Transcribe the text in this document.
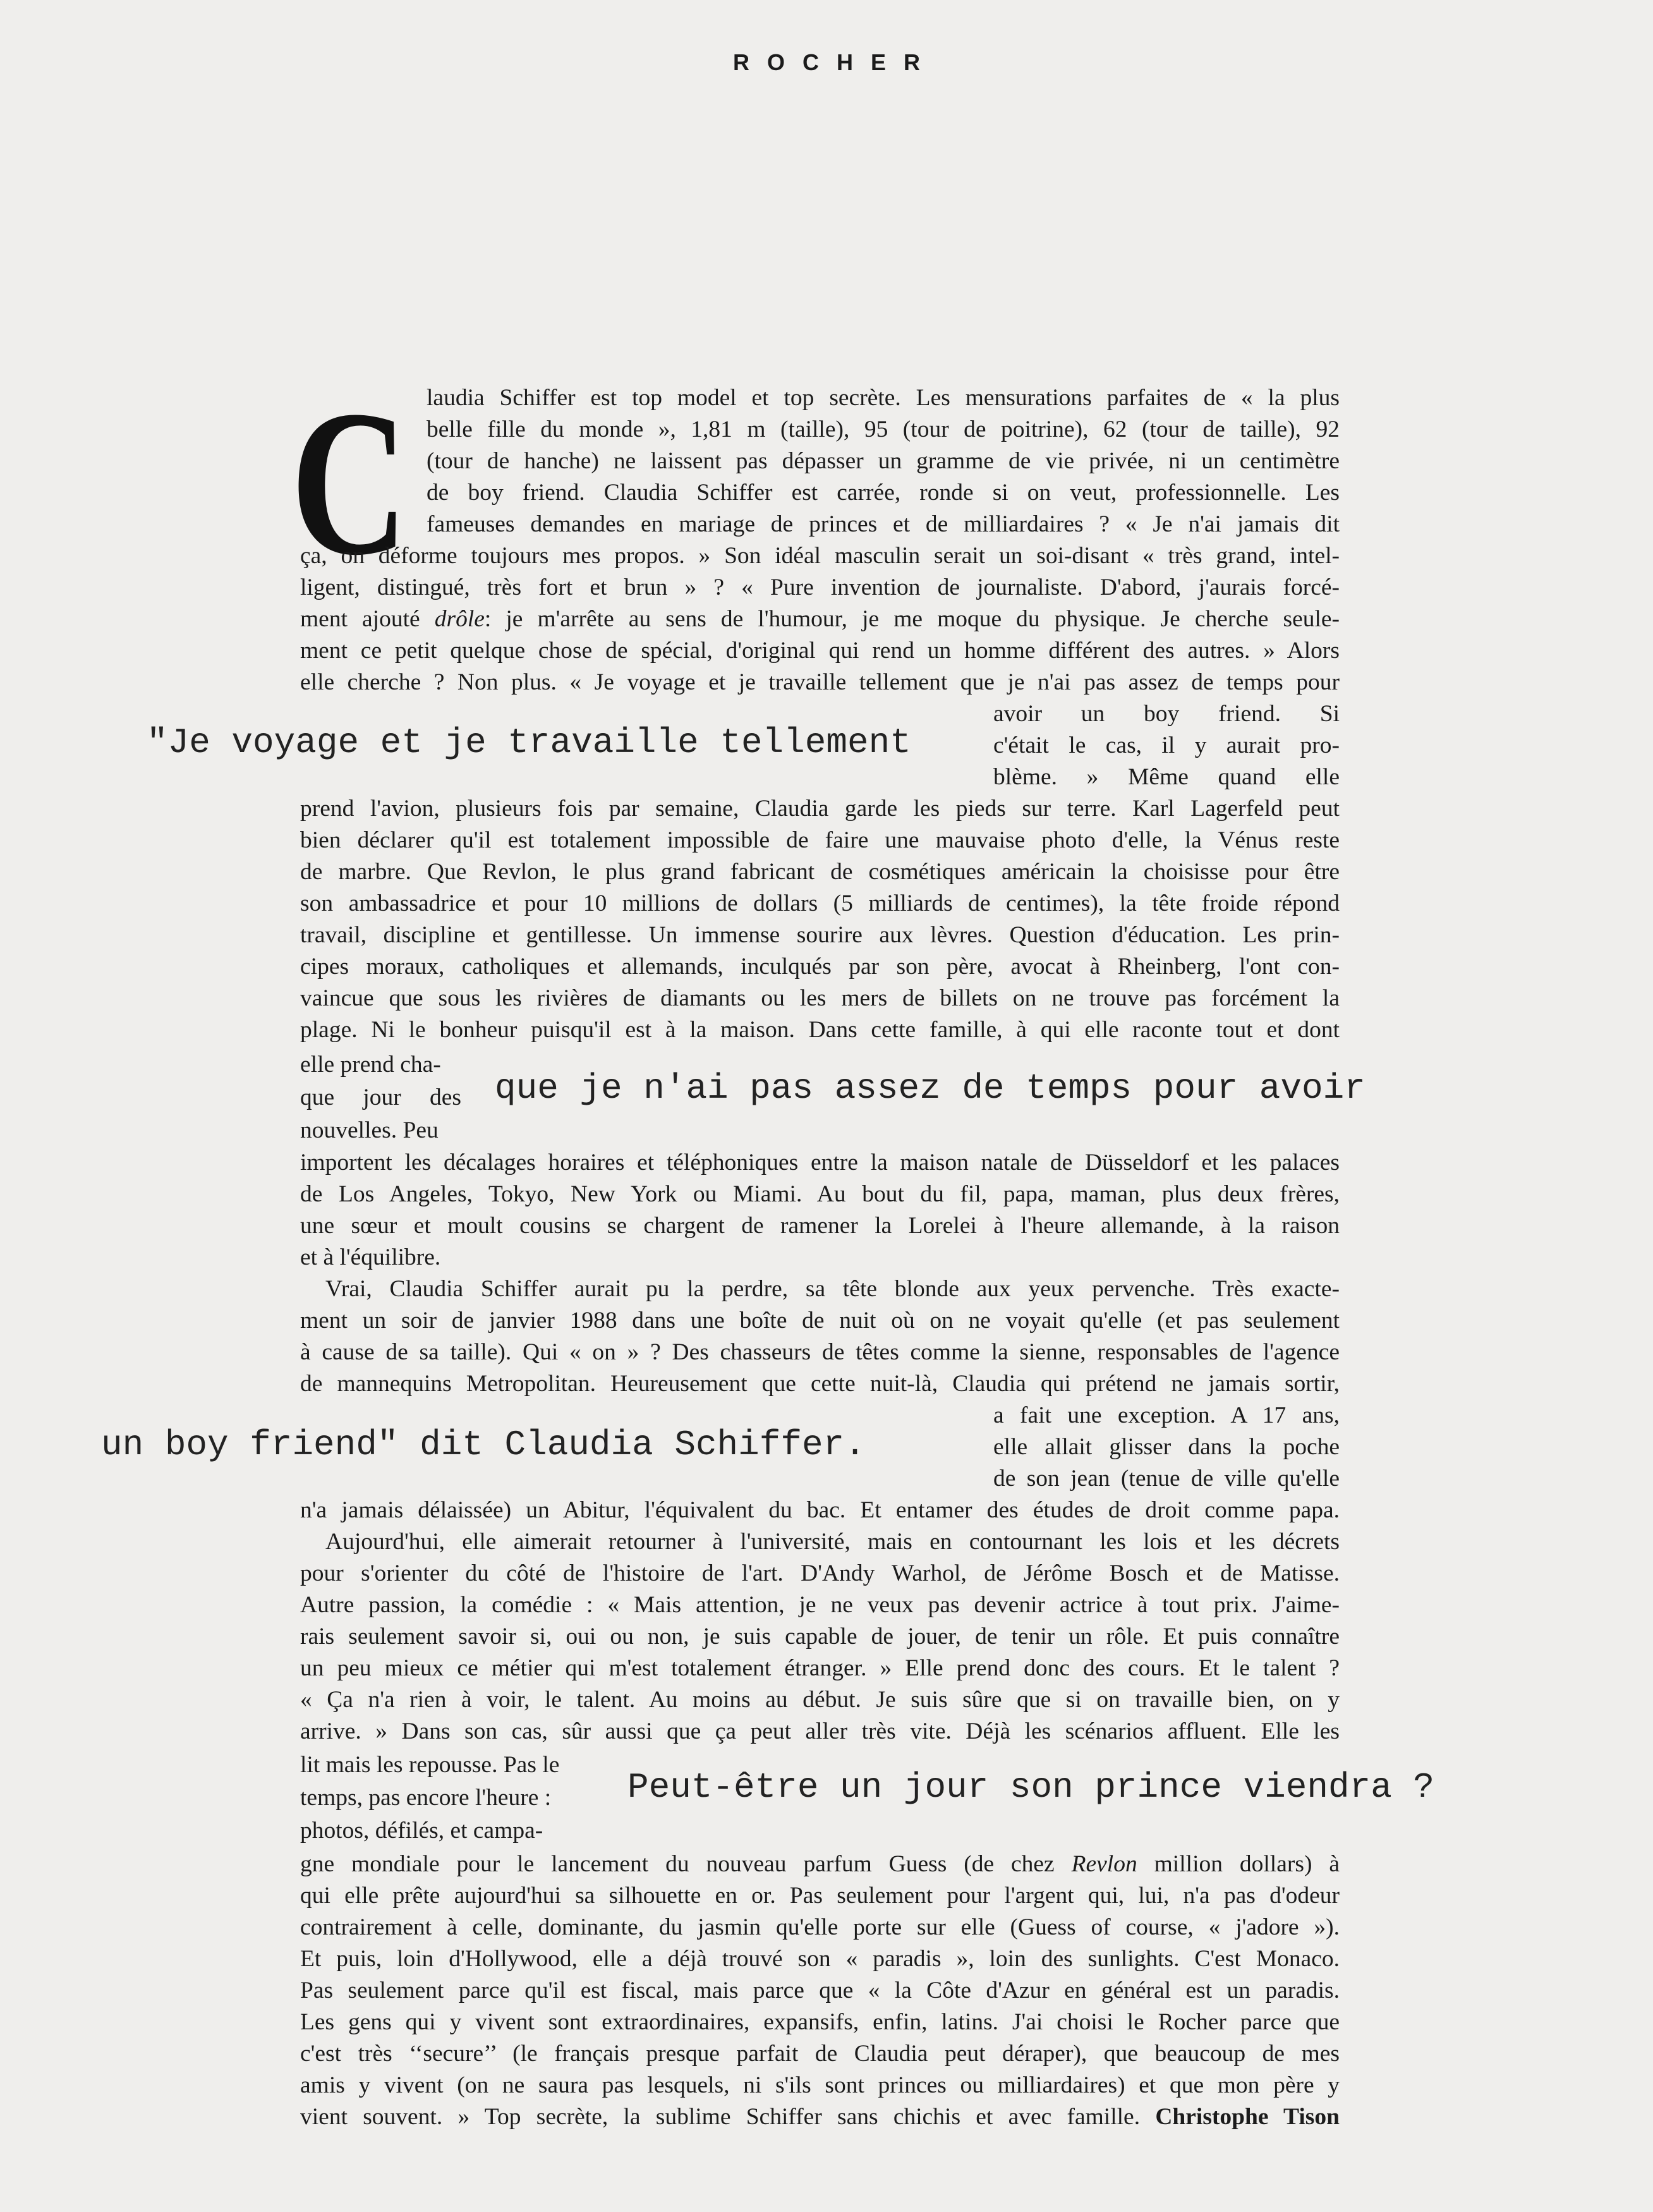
ROCHER
C laudia Schiffer est top model et top secrète. Les mensurations parfaites de « la plus
belle fille du monde », 1,81 m (taille), 95 (tour de poitrine), 62 (tour de taille), 92
(tour de hanche) ne laissent pas dépasser un gramme de vie privée, ni un centimètre
de boy friend. Claudia Schiffer est carrée, ronde si on veut, professionnelle. Les
fameuses demandes en mariage de princes et de milliardaires ? « Je n'ai jamais dit
ça, on déforme toujours mes propos. » Son idéal masculin serait un soi-disant « très grand, intel-
ligent, distingué, très fort et brun » ? « Pure invention de journaliste. D'abord, j'aurais forcé-
ment ajouté drôle: je m'arrête au sens de l'humour, je me moque du physique. Je cherche seule-
ment ce petit quelque chose de spécial, d'original qui rend un homme différent des autres. » Alors
elle cherche ? Non plus. « Je voyage et je travaille tellement que je n'ai pas assez de temps pour
avoir un boy friend. Si
c'était le cas, il y aurait pro-
blème. » Même quand elle
prend l'avion, plusieurs fois par semaine, Claudia garde les pieds sur terre. Karl Lagerfeld peut
bien déclarer qu'il est totalement impossible de faire une mauvaise photo d'elle, la Vénus reste
de marbre. Que Revlon, le plus grand fabricant de cosmétiques américain la choisisse pour être
son ambassadrice et pour 10 millions de dollars (5 milliards de centimes), la tête froide répond
travail, discipline et gentillesse. Un immense sourire aux lèvres. Question d'éducation. Les prin-
cipes moraux, catholiques et allemands, inculqués par son père, avocat à Rheinberg, l'ont con-
vaincue que sous les rivières de diamants ou les mers de billets on ne trouve pas forcément la
plage. Ni le bonheur puisqu'il est à la maison. Dans cette famille, à qui elle raconte tout et dont
elle prend cha-
que jour des
nouvelles. Peu
importent les décalages horaires et téléphoniques entre la maison natale de Düsseldorf et les palaces
de Los Angeles, Tokyo, New York ou Miami. Au bout du fil, papa, maman, plus deux frères,
une sœur et moult cousins se chargent de ramener la Lorelei à l'heure allemande, à la raison
et à l'équilibre.
Vrai, Claudia Schiffer aurait pu la perdre, sa tête blonde aux yeux pervenche. Très exacte-
ment un soir de janvier 1988 dans une boîte de nuit où on ne voyait qu'elle (et pas seulement
à cause de sa taille). Qui « on » ? Des chasseurs de têtes comme la sienne, responsables de l'agence
de mannequins Metropolitan. Heureusement que cette nuit-là, Claudia qui prétend ne jamais sortir,
a fait une exception. A 17 ans,
elle allait glisser dans la poche
de son jean (tenue de ville qu'elle
n'a jamais délaissée) un Abitur, l'équivalent du bac. Et entamer des études de droit comme papa.
Aujourd'hui, elle aimerait retourner à l'université, mais en contournant les lois et les décrets
pour s'orienter du côté de l'histoire de l'art. D'Andy Warhol, de Jérôme Bosch et de Matisse.
Autre passion, la comédie : « Mais attention, je ne veux pas devenir actrice à tout prix. J'aime-
rais seulement savoir si, oui ou non, je suis capable de jouer, de tenir un rôle. Et puis connaître
un peu mieux ce métier qui m'est totalement étranger. » Elle prend donc des cours. Et le talent ?
« Ça n'a rien à voir, le talent. Au moins au début. Je suis sûre que si on travaille bien, on y
arrive. » Dans son cas, sûr aussi que ça peut aller très vite. Déjà les scénarios affluent. Elle les
lit mais les repousse. Pas le
temps, pas encore l'heure :
photos, défilés, et campa-
gne mondiale pour le lancement du nouveau parfum Guess (de chez Revlon million dollars) à
qui elle prête aujourd'hui sa silhouette en or. Pas seulement pour l'argent qui, lui, n'a pas d'odeur
contrairement à celle, dominante, du jasmin qu'elle porte sur elle (Guess of course, « j'adore »).
Et puis, loin d'Hollywood, elle a déjà trouvé son « paradis », loin des sunlights. C'est Monaco.
Pas seulement parce qu'il est fiscal, mais parce que « la Côte d'Azur en général est un paradis.
Les gens qui y vivent sont extraordinaires, expansifs, enfin, latins. J'ai choisi le Rocher parce que
c'est très ‘‘secure’’ (le français presque parfait de Claudia peut déraper), que beaucoup de mes
amis y vivent (on ne saura pas lesquels, ni s'ils sont princes ou milliardaires) et que mon père y
vient souvent. » Top secrète, la sublime Schiffer sans chichis et avec famille. Christophe Tison
"Je voyage et je travaille tellement
que je n'ai pas assez de temps pour avoir
un boy friend" dit Claudia Schiffer.
Peut-être un jour son prince viendra ?
